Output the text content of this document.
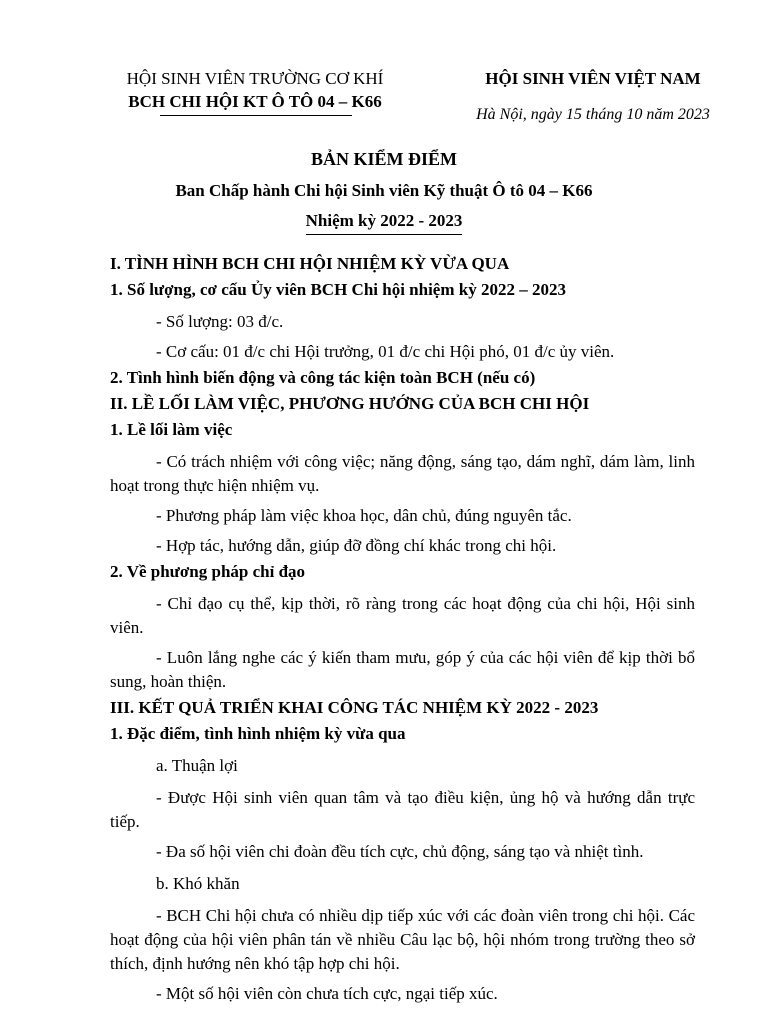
HỘI SINH VIÊN TRƯỜNG CƠ KHÍ
BCH CHI HỘI KT Ô TÔ 04 – K66
HỘI SINH VIÊN VIỆT NAM
Hà Nội, ngày 15 tháng 10 năm 2023
BẢN KIỂM ĐIỂM
Ban Chấp hành Chi hội Sinh viên Kỹ thuật Ô tô 04 – K66
Nhiệm kỳ 2022 - 2023
I. TÌNH HÌNH BCH CHI HỘI NHIỆM KỲ VỪA QUA
1. Số lượng, cơ cấu Ủy viên BCH Chi hội nhiệm kỳ 2022 – 2023
- Số lượng: 03 đ/c.
- Cơ cấu: 01 đ/c chi Hội trưởng, 01 đ/c chi Hội phó, 01 đ/c ủy viên.
2. Tình hình biến động và công tác kiện toàn BCH (nếu có)
II. LỀ LỐI LÀM VIỆC, PHƯƠNG HƯỚNG CỦA BCH CHI HỘI
1. Lề lối làm việc
- Có trách nhiệm với công việc; năng động, sáng tạo, dám nghĩ, dám làm, linh hoạt trong thực hiện nhiệm vụ.
- Phương pháp làm việc khoa học, dân chủ, đúng nguyên tắc.
- Hợp tác, hướng dẫn, giúp đỡ đồng chí khác trong chi hội.
2. Về phương pháp chỉ đạo
- Chỉ đạo cụ thể, kịp thời, rõ ràng trong các hoạt động của chi hội, Hội sinh viên.
- Luôn lắng nghe các ý kiến tham mưu, góp ý của các hội viên để kịp thời bổ sung, hoàn thiện.
III. KẾT QUẢ TRIỂN KHAI CÔNG TÁC NHIỆM KỲ 2022 - 2023
1. Đặc điểm, tình hình nhiệm kỳ vừa qua
a. Thuận lợi
- Được Hội sinh viên quan tâm và tạo điều kiện, ủng hộ và hướng dẫn trực tiếp.
- Đa số hội viên chi đoàn đều tích cực, chủ động, sáng tạo và nhiệt tình.
b. Khó khăn
- BCH Chi hội chưa có nhiều dịp tiếp xúc với các đoàn viên trong chi hội. Các hoạt động của hội viên phân tán về nhiều Câu lạc bộ, hội nhóm trong trường theo sở thích, định hướng nên khó tập hợp chi hội.
- Một số hội viên còn chưa tích cực, ngại tiếp xúc.
